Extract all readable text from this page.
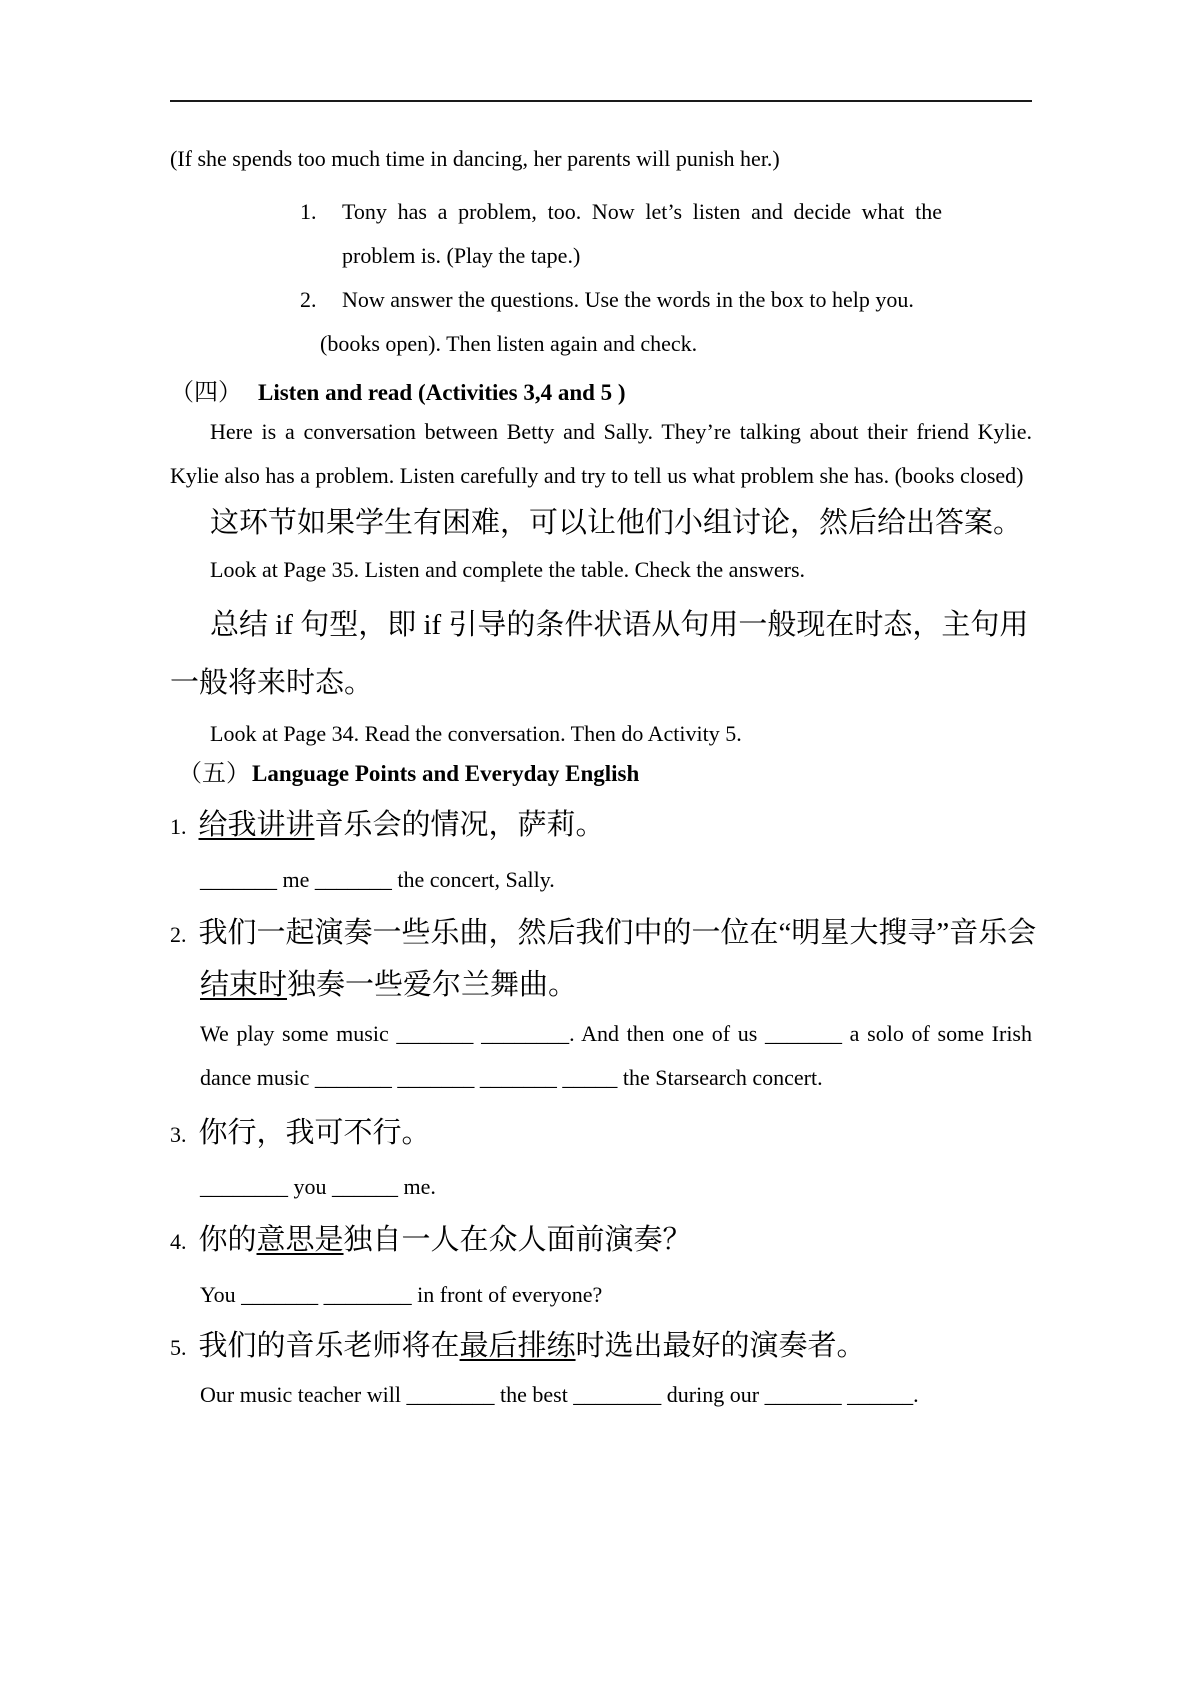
(If she spends too much time in dancing, her parents will punish her.)
1. Tony has a problem, too. Now let’s listen and decide what the problem is. (Play the tape.)
2. Now answer the questions. Use the words in the box to help you.
(books open). Then listen again and check.
（四） Listen and read (Activities 3,4 and 5 )
Here is a conversation between Betty and Sally. They’re talking about their friend Kylie. Kylie also has a problem. Listen carefully and try to tell us what problem she has. (books closed)
这环节如果学生有困难，可以让他们小组讨论，然后给出答案。
Look at Page 35. Listen and complete the table. Check the answers.
总结 if 句型，即 if 引导的条件状语从句用一般现在时态，主句用
一般将来时态。
Look at Page 34. Read the conversation. Then do Activity 5.
（五）Language Points and Everyday English
1. 给我讲讲音乐会的情况，萨莉。
_______ me _______ the concert, Sally.
2. 我们一起演奏一些乐曲，然后我们中的一位在“明星大搜寻”音乐会
结束时独奏一些爱尔兰舞曲。
We play some music _______ ________. And then one of us _______ a solo of some Irish dance music _______ _______ _______ _____ the Starsearch concert.
3. 你行，我可不行。
________ you ______ me.
4. 你的意思是独自一人在众人面前演奏？
You _______ ________ in front of everyone?
5. 我们的音乐老师将在最后排练时选出最好的演奏者。
Our music teacher will ________ the best ________ during our _______ ______.
